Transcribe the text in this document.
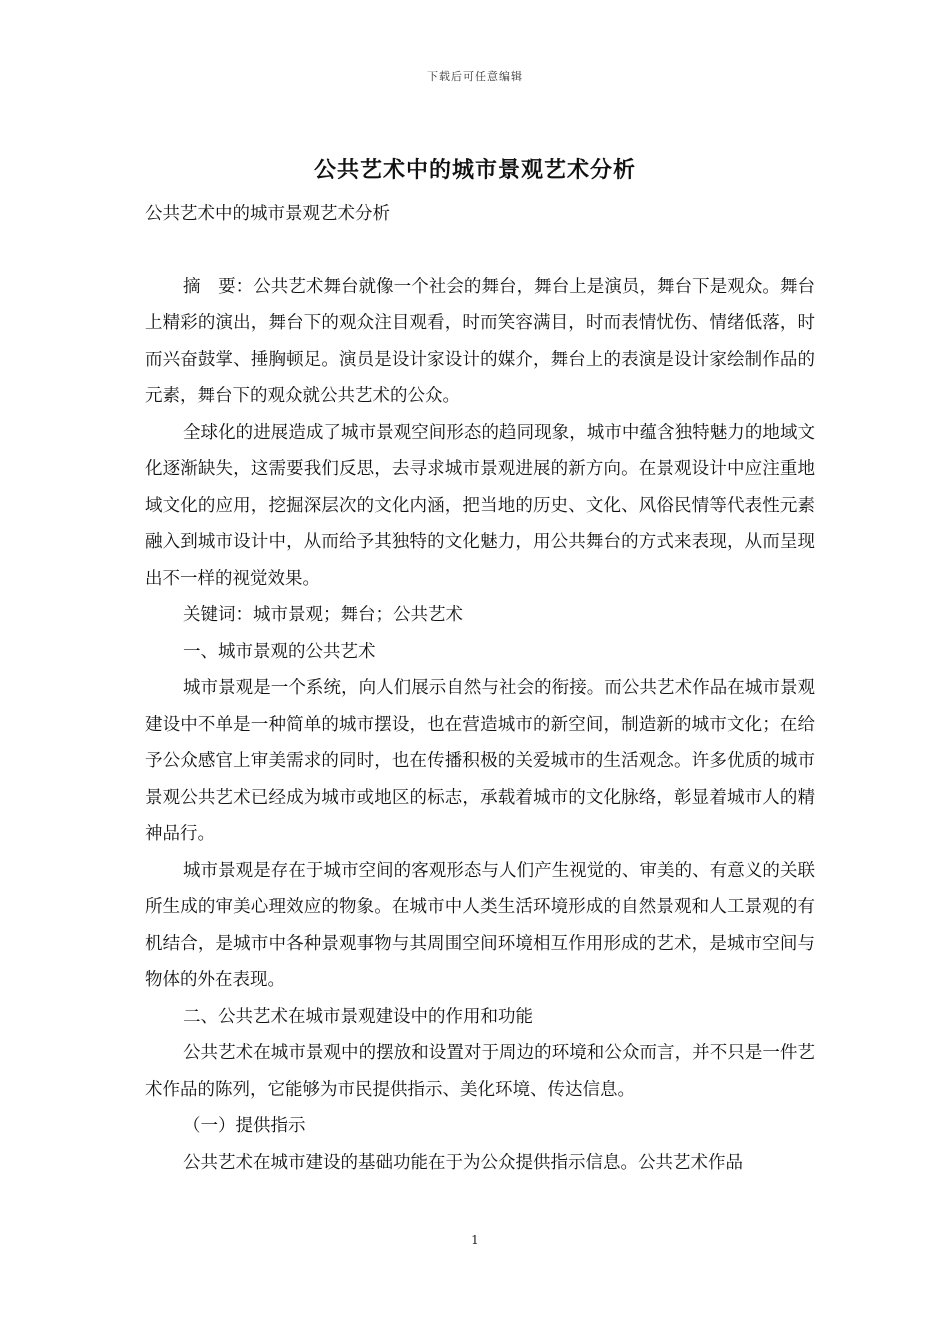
下载后可任意编辑
公共艺术中的城市景观艺术分析

公共艺术中的城市景观艺术分析

摘　要：公共艺术舞台就像一个社会的舞台，舞台上是演员，舞台下是观众。舞台上精彩的演出，舞台下的观众注目观看，时而笑容满目，时而表情忧伤、情绪低落，时而兴奋鼓掌、捶胸顿足。演员是设计家设计的媒介，舞台上的表演是设计家绘制作品的元素，舞台下的观众就公共艺术的公众。

全球化的进展造成了城市景观空间形态的趋同现象，城市中蕴含独特魅力的地域文化逐渐缺失，这需要我们反思，去寻求城市景观进展的新方向。在景观设计中应注重地域文化的应用，挖掘深层次的文化内涵，把当地的历史、文化、风俗民情等代表性元素融入到城市设计中，从而给予其独特的文化魅力，用公共舞台的方式来表现，从而呈现出不一样的视觉效果。

关键词：城市景观；舞台；公共艺术

一、城市景观的公共艺术

城市景观是一个系统，向人们展示自然与社会的衔接。而公共艺术作品在城市景观建设中不单是一种简单的城市摆设，也在营造城市的新空间，制造新的城市文化；在给予公众感官上审美需求的同时，也在传播积极的关爱城市的生活观念。许多优质的城市景观公共艺术已经成为城市或地区的标志，承载着城市的文化脉络，彰显着城市人的精神品行。

城市景观是存在于城市空间的客观形态与人们产生视觉的、审美的、有意义的关联所生成的审美心理效应的物象。在城市中人类生活环境形成的自然景观和人工景观的有机结合，是城市中各种景观事物与其周围空间环境相互作用形成的艺术，是城市空间与物体的外在表现。

二、公共艺术在城市景观建设中的作用和功能

公共艺术在城市景观中的摆放和设置对于周边的环境和公众而言，并不只是一件艺术作品的陈列，它能够为市民提供指示、美化环境、传达信息。

（一）提供指示

公共艺术在城市建设的基础功能在于为公众提供指示信息。公共艺术作品

1
